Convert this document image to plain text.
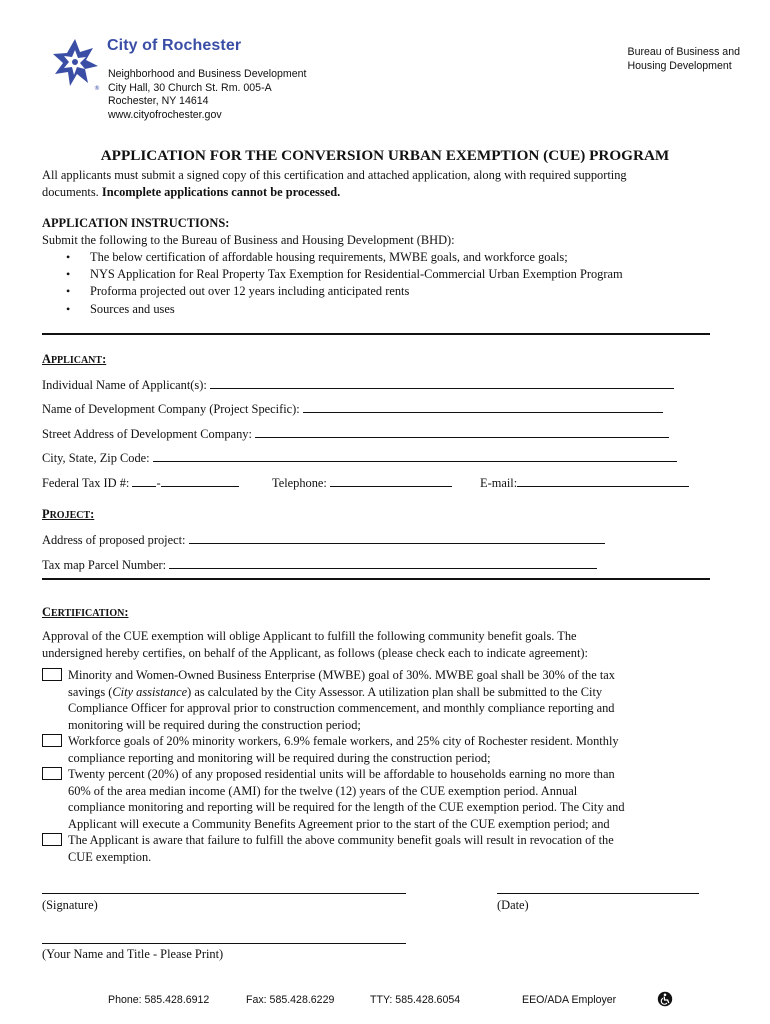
®
City of Rochester
Neighborhood and Business Development
City Hall, 30 Church St. Rm. 005-A
Rochester, NY 14614
www.cityofrochester.gov
Bureau of Business and
Housing Development
APPLICATION FOR THE CONVERSION URBAN EXEMPTION (CUE) PROGRAM
All applicants must submit a signed copy of this certification and attached application, along with required supporting
documents. Incomplete applications cannot be processed.
APPLICATION INSTRUCTIONS:
Submit the following to the Bureau of Business and Housing Development (BHD):
• The below certification of affordable housing requirements, MWBE goals, and workforce goals;
• NYS Application for Real Property Tax Exemption for Residential-Commercial Urban Exemption Program
• Proforma projected out over 12 years including anticipated rents
• Sources and uses
APPLICANT:
Individual Name of Applicant(s):
Name of Development Company (Project Specific):
Street Address of Development Company:
City, State, Zip Code:
Federal Tax ID #: -	Telephone:	E-mail:
PROJECT:
Address of proposed project:
Tax map Parcel Number:
CERTIFICATION:
Approval of the CUE exemption will oblige Applicant to fulfill the following community benefit goals. The
undersigned hereby certifies, on behalf of the Applicant, as follows (please check each to indicate agreement):
Minority and Women-Owned Business Enterprise (MWBE) goal of 30%. MWBE goal shall be 30% of the tax
savings (City assistance) as calculated by the City Assessor. A utilization plan shall be submitted to the City
Compliance Officer for approval prior to construction commencement, and monthly compliance reporting and
monitoring will be required during the construction period;
Workforce goals of 20% minority workers, 6.9% female workers, and 25% city of Rochester resident. Monthly
compliance reporting and monitoring will be required during the construction period;
Twenty percent (20%) of any proposed residential units will be affordable to households earning no more than
60% of the area median income (AMI) for the twelve (12) years of the CUE exemption period. Annual
compliance monitoring and reporting will be required for the length of the CUE exemption period. The City and
Applicant will execute a Community Benefits Agreement prior to the start of the CUE exemption period; and
The Applicant is aware that failure to fulfill the above community benefit goals will result in revocation of the
CUE exemption.
(Signature)	(Date)
(Your Name and Title - Please Print)
Phone: 585.428.6912	Fax: 585.428.6229	TTY: 585.428.6054	EEO/ADA Employer
